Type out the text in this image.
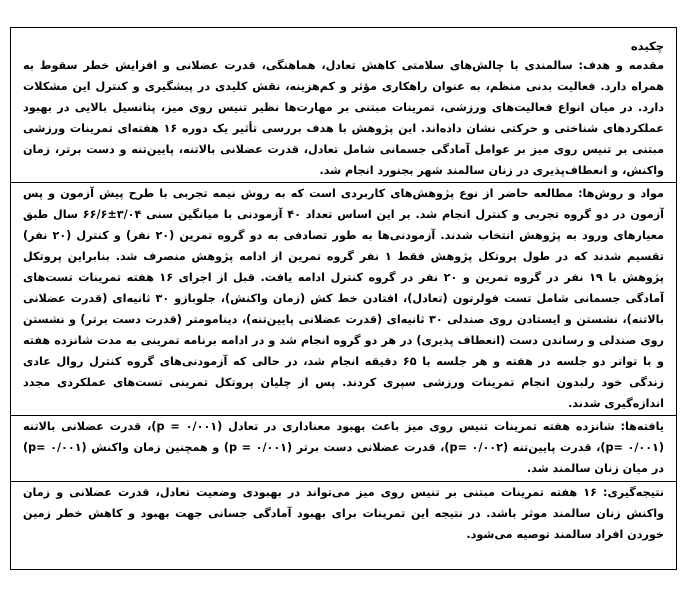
چکیده

مقدمه و هدف: سالمندی با چالش‌های سلامتی کاهش تعادل، هماهنگی، قدرت عضلانی و افزایش خطر سقوط به همراه دارد. فعالیت بدنی منظم، به عنوان راهکاری مؤثر و کم‌هزینه، نقش کلیدی در پیشگیری و کنترل این مشکلات دارد. در میان انواع فعالیت‌های ورزشی، تمرینات مبتنی بر مهارت‌ها نظیر تنیس روی میز، پتانسیل بالایی در بهبود عملکردهای شناختی و حرکتی نشان داده‌اند. این پژوهش با هدف بررسی تأثیر یک دوره ۱۶ هفته‌ای تمرینات ورزشی مبتنی بر تنیس روی میز بر عوامل آمادگی جسمانی شامل تعادل، قدرت عضلانی بالاتنه، پایین‌تنه و دست برتر، زمان واکنش، و انعطاف‌پذیری در زنان سالمند شهر بجنورد انجام شد.

مواد و روش‌ها: مطالعه حاضر از نوع پژوهش‌های کاربردی است که به روش نیمه تجربی با طرح پیش آزمون و پس آزمون در دو گروه تجربی و کنترل انجام شد. بر این اساس تعداد ۴۰ آزمودنی با میانگین سنی ۳/۰۴±۶۶/۶ سال طبق معیارهای ورود به پژوهش انتخاب شدند. آزمودنی‌ها به طور تصادفی به دو گروه تمرین (۲۰ نفر) و کنترل (۲۰ نفر) تقسیم شدند که در طول پروتکل پژوهش فقط ۱ نفر گروه تمرین از ادامه پژوهش منصرف شد. بنابراین پروتکل پژوهش با ۱۹ نفر در گروه تمرین و ۲۰ نفر در گروه کنترل ادامه یافت. قبل از اجرای ۱۶ هفته تمرینات تست‌های آمادگی جسمانی شامل تست فولرتون (تعادل)، افتادن خط کش (زمان واکنش)، جلوبازو ۳۰ ثانیه‌ای (قدرت عضلانی بالاتنه)، نشستن و ایستادن روی صندلی ۳۰ ثانیه‌ای (قدرت عضلانی پایین‌تنه)، دینامومتر (قدرت دست برتر) و نشستن روی صندلی و رساندن دست (انعطاف پذیری) در هر دو گروه انجام شد و در ادامه برنامه تمرینی به مدت شانزده هفته و با تواتر دو جلسه در هفته و هر جلسه با ۶۵ دقیقه انجام شد، در حالی که آزمودنی‌های گروه کنترل روال عادی زندگی خود رلبدون انجام تمرینات ورزشی سپری کردند. پس از چلیان پروتکل تمرینی تست‌های عملکردی مجدد اندازه‌گیری شدند.

یافته‌ها: شانزده هفته تمرینات تنیس روی میز باعث بهبود معناداری در تعادل (۰/۰۰۱ = p)، قدرت عضلانی بالاتنه (۰/۰۰۱ =p)، قدرت پایین‌تنه (۰/۰۰۲ =p)، قدرت عضلانی دست برتر (۰/۰۰۱ = p) و همچنین زمان واکنش (۰/۰۰۱ =p) در میان زنان سالمند شد.

نتیجه‌گیری: ۱۶ هفته تمرینات مبتنی بر تنیس روی میز می‌تواند در بهبودی وضعیت تعادل، قدرت عضلانی و زمان واکنش زنان سالمند موثر باشد. در نتیجه این تمرینات برای بهبود آمادگی جسانی جهت بهبود و کاهش خطر زمین خوردن افراد سالمند توصیه می‌شود.
